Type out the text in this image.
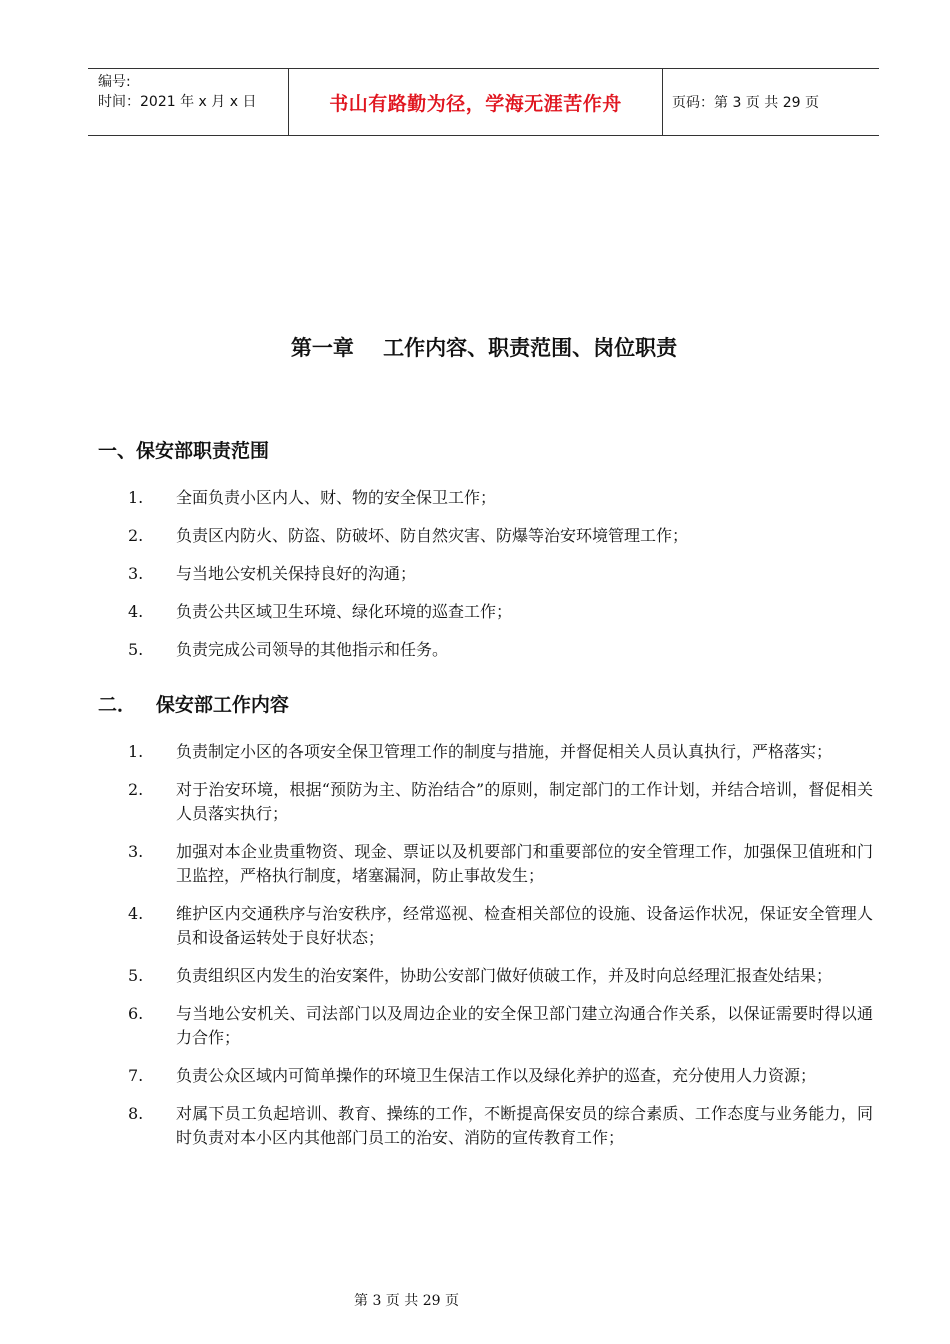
编号:
时间：2021 年 x 月 x 日	书山有路勤为径，学海无涯苦作舟	页码：第 3 页 共 29 页
第一章    工作内容、职责范围、岗位职责
一、保安部职责范围
1.	全面负责小区内人、财、物的安全保卫工作；
2.	负责区内防火、防盗、防破坏、防自然灾害、防爆等治安环境管理工作；
3.	与当地公安机关保持良好的沟通；
4.	负责公共区域卫生环境、绿化环境的巡查工作；
5.	负责完成公司领导的其他指示和任务。
二．   保安部工作内容
1.	负责制定小区的各项安全保卫管理工作的制度与措施，并督促相关人员认真执行，严格落实；
2.	对于治安环境，根据“预防为主、防治结合”的原则，制定部门的工作计划，并结合培训，督促相关人员落实执行；
3.	加强对本企业贵重物资、现金、票证以及机要部门和重要部位的安全管理工作，加强保卫值班和门卫监控，严格执行制度，堵塞漏洞，防止事故发生；
4.	维护区内交通秩序与治安秩序，经常巡视、检查相关部位的设施、设备运作状况，保证安全管理人员和设备运转处于良好状态；
5.	负责组织区内发生的治安案件，协助公安部门做好侦破工作，并及时向总经理汇报查处结果；
6.	与当地公安机关、司法部门以及周边企业的安全保卫部门建立沟通合作关系，以保证需要时得以通力合作；
7.	负责公众区域内可简单操作的环境卫生保洁工作以及绿化养护的巡查，充分使用人力资源；
8.	对属下员工负起培训、教育、操练的工作，不断提高保安员的综合素质、工作态度与业务能力，同时负责对本小区内其他部门员工的治安、消防的宣传教育工作；
第 3 页 共 29 页
